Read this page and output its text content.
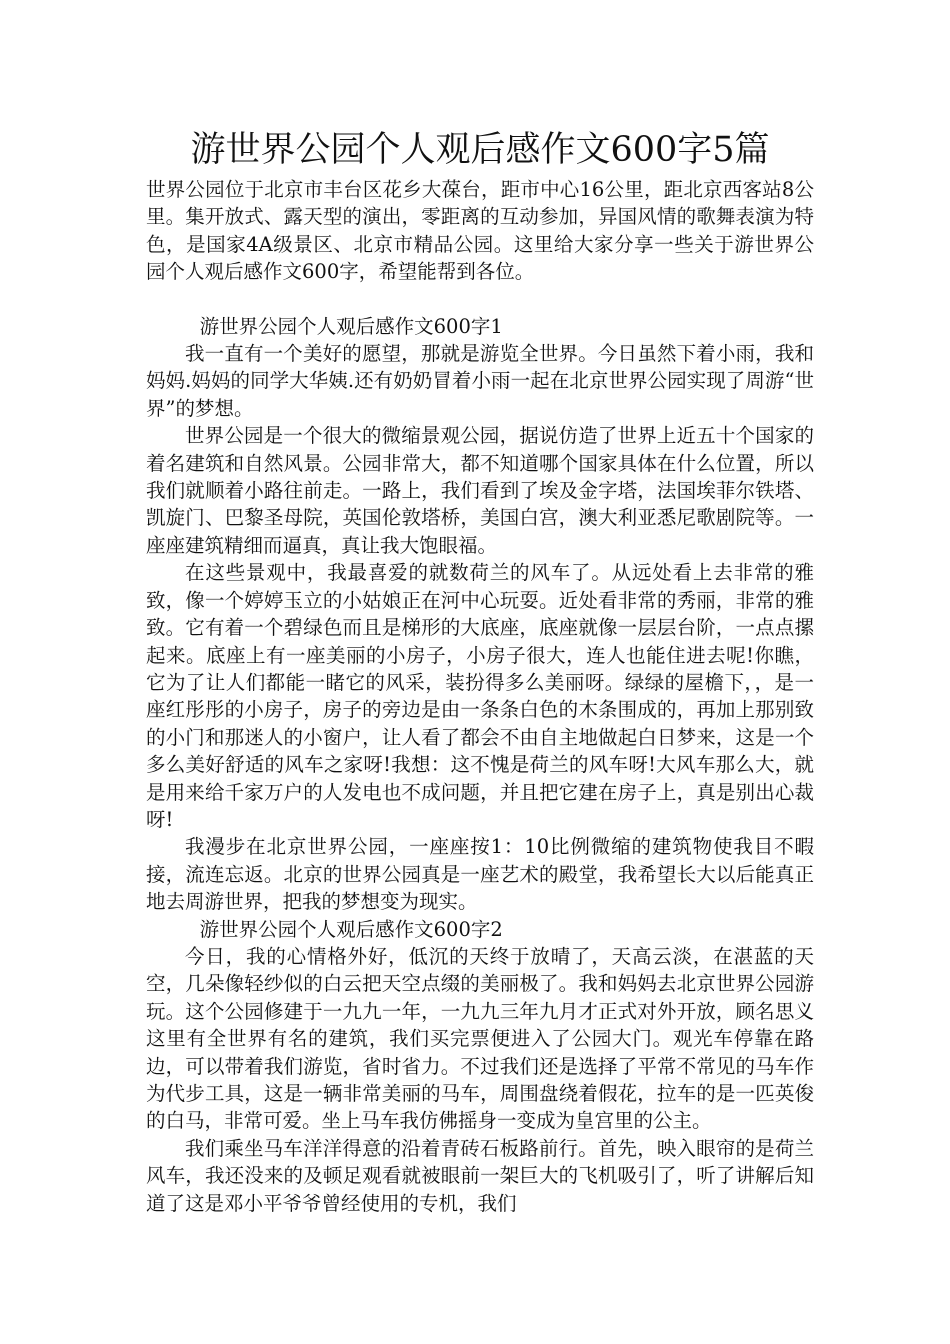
游世界公园个人观后感作文600字5篇

世界公园位于北京市丰台区花乡大葆台，距市中心16公里，距北京西客站8公里。集开放式、露天型的演出，零距离的互动参加，异国风情的歌舞表演为特色，是国家4A级景区、北京市精品公园。这里给大家分享一些关于游世界公园个人观后感作文600字，希望能帮到各位。

游世界公园个人观后感作文600字1

我一直有一个美好的愿望，那就是游览全世界。今日虽然下着小雨，我和妈妈.妈妈的同学大华姨.还有奶奶冒着小雨一起在北京世界公园实现了周游“世界”的梦想。

世界公园是一个很大的微缩景观公园，据说仿造了世界上近五十个国家的着名建筑和自然风景。公园非常大，都不知道哪个国家具体在什么位置，所以我们就顺着小路往前走。一路上，我们看到了埃及金字塔，法国埃菲尔铁塔、凯旋门、巴黎圣母院，英国伦敦塔桥，美国白宫，澳大利亚悉尼歌剧院等。一座座建筑精细而逼真，真让我大饱眼福。

在这些景观中，我最喜爱的就数荷兰的风车了。从远处看上去非常的雅致，像一个婷婷玉立的小姑娘正在河中心玩耍。近处看非常的秀丽，非常的雅致。它有着一个碧绿色而且是梯形的大底座，底座就像一层层台阶，一点点摞起来。底座上有一座美丽的小房子，小房子很大，连人也能住进去呢!你瞧，它为了让人们都能一睹它的风采，装扮得多么美丽呀。绿绿的屋檐下，，是一座红彤彤的小房子，房子的旁边是由一条条白色的木条围成的，再加上那别致的小门和那迷人的小窗户，让人看了都会不由自主地做起白日梦来，这是一个多么美好舒适的风车之家呀!我想：这不愧是荷兰的风车呀!大风车那么大，就是用来给千家万户的人发电也不成问题，并且把它建在房子上，真是别出心裁呀!

我漫步在北京世界公园，一座座按1：10比例微缩的建筑物使我目不暇接，流连忘返。北京的世界公园真是一座艺术的殿堂，我希望长大以后能真正地去周游世界，把我的梦想变为现实。

游世界公园个人观后感作文600字2

今日，我的心情格外好，低沉的天终于放晴了，天高云淡，在湛蓝的天空，几朵像轻纱似的白云把天空点缀的美丽极了。我和妈妈去北京世界公园游玩。这个公园修建于一九九一年，一九九三年九月才正式对外开放，顾名思义这里有全世界有名的建筑，我们买完票便进入了公园大门。观光车停靠在路边，可以带着我们游览，省时省力。不过我们还是选择了平常不常见的马车作为代步工具，这是一辆非常美丽的马车，周围盘绕着假花，拉车的是一匹英俊的白马，非常可爱。坐上马车我仿佛摇身一变成为皇宫里的公主。

我们乘坐马车洋洋得意的沿着青砖石板路前行。首先，映入眼帘的是荷兰风车，我还没来的及顿足观看就被眼前一架巨大的飞机吸引了，听了讲解后知道了这是邓小平爷爷曾经使用的专机，我们
